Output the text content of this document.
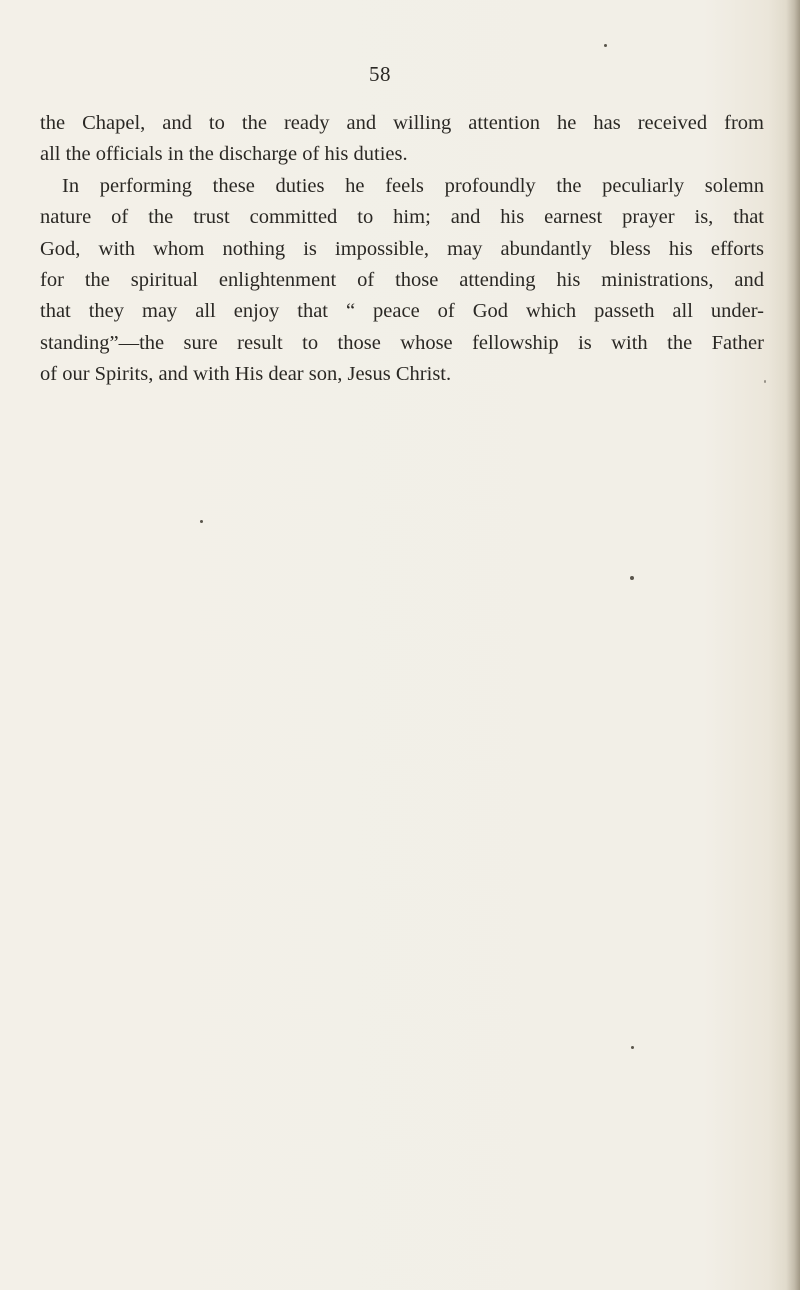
58
the Chapel, and to the ready and willing attention he has received from
all the officials in the discharge of his duties.
In performing these duties he feels profoundly the peculiarly solemn
nature of the trust committed to him; and his earnest prayer is, that
God, with whom nothing is impossible, may abundantly bless his efforts
for the spiritual enlightenment of those attending his ministrations, and
that they may all enjoy that “ peace of God which passeth all under-
standing”—the sure result to those whose fellowship is with the Father
of our Spirits, and with His dear son, Jesus Christ.
